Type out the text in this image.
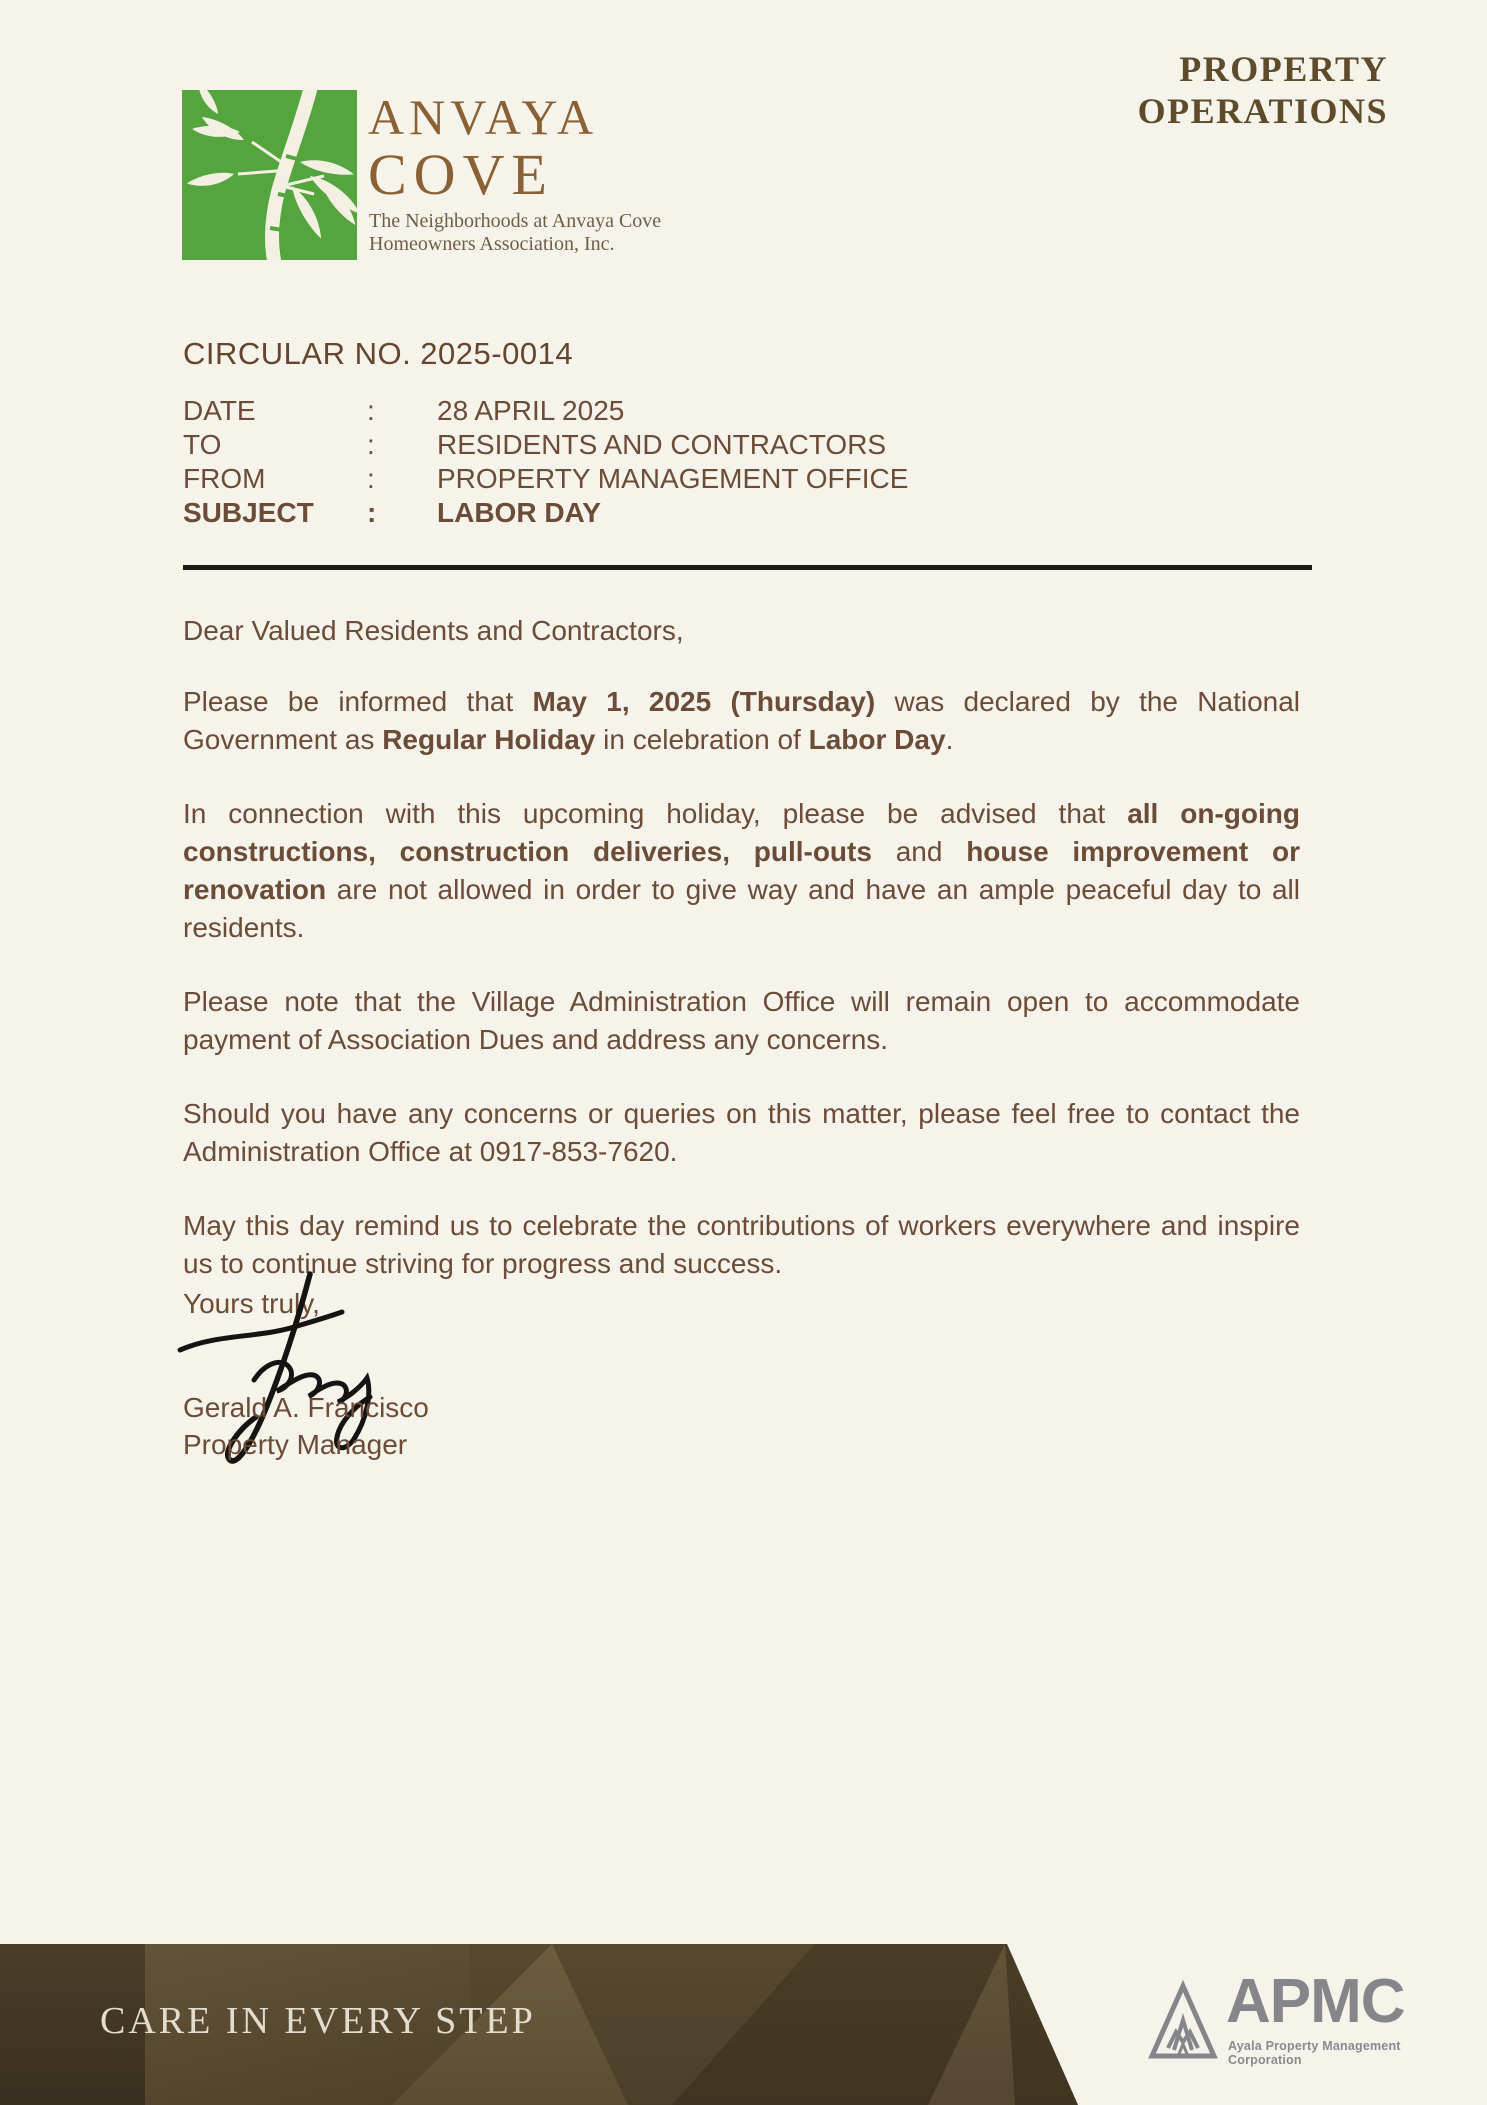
ANVAYA
COVE
The Neighborhoods at Anvaya Cove
Homeowners Association, Inc.
PROPERTY
OPERATIONS
CIRCULAR NO. 2025-0014
DATE	:	28 APRIL 2025
TO	:	RESIDENTS AND CONTRACTORS
FROM	:	PROPERTY MANAGEMENT OFFICE
SUBJECT	:	LABOR DAY
Dear Valued Residents and Contractors,

Please be informed that May 1, 2025 (Thursday) was declared by the National Government as Regular Holiday in celebration of Labor Day.

In connection with this upcoming holiday, please be advised that all on-going constructions, construction deliveries, pull-outs and house improvement or renovation are not allowed in order to give way and have an ample peaceful day to all residents.

Please note that the Village Administration Office will remain open to accommodate payment of Association Dues and address any concerns.

Should you have any concerns or queries on this matter, please feel free to contact the Administration Office at 0917-853-7620.

May this day remind us to celebrate the contributions of workers everywhere and inspire us to continue striving for progress and success.

Yours truly,
Gerald A. Francisco
Property Manager
CARE IN EVERY STEP	APMC
Ayala Property Management Corporation
